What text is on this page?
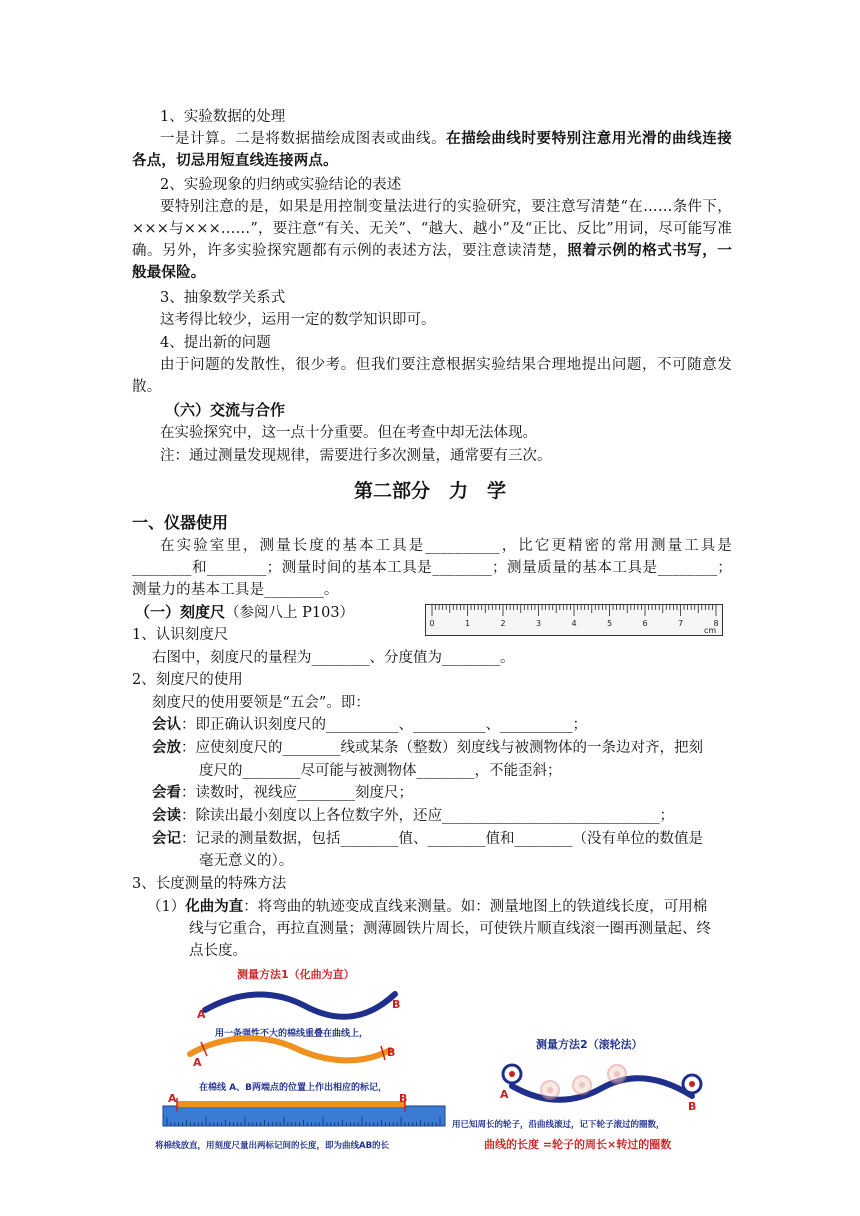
1、实验数据的处理
一是计算。二是将数据描绘成图表或曲线。在描绘曲线时要特别注意用光滑的曲线连接各点，切忌用短直线连接两点。
2、实验现象的归纳或实验结论的表述
要特别注意的是，如果是用控制变量法进行的实验研究，要注意写清楚“在……条件下，×××与×××……”，要注意“有关、无关”、“越大、越小”及“正比、反比”用词，尽可能写准确。另外，许多实验探究题都有示例的表述方法，要注意读清楚，照着示例的格式书写，一般最保险。
3、抽象数学关系式
这考得比较少，运用一定的数学知识即可。
4、提出新的问题
由于问题的发散性，很少考。但我们要注意根据实验结果合理地提出问题，不可随意发散。
（六）交流与合作
在实验探究中，这一点十分重要。但在考查中却无法体现。
注：通过测量发现规律，需要进行多次测量，通常要有三次。
第二部分　力　学
一、仪器使用
在实验室里，测量长度的基本工具是__________，比它更精密的常用测量工具是________和________；测量时间的基本工具是________；测量质量的基本工具是________；测量力的基本工具是________。
（一）刻度尺（参阅八上 P103）
0	1	2	3	4	5	6	7	8
cm
1、认识刻度尺
右图中，刻度尺的量程为________、分度值为________。
2、刻度尺的使用
刻度尺的使用要领是“五会”。即：
会认：即正确认识刻度尺的__________、__________、__________；
会放：应使刻度尺的________线或某条（整数）刻度线与被测物体的一条边对齐，把刻
度尺的________尽可能与被测物体________，不能歪斜；
会看：读数时，视线应________刻度尺；
会读：除读出最小刻度以上各位数字外，还应______________________________；
会记：记录的测量数据，包括________值、________值和________（没有单位的数值是
毫无意义的）。
3、长度测量的特殊方法
（1）化曲为直：将弯曲的轨迹变成直线来测量。如：测量地图上的铁道线长度，可用棉
线与它重合，再拉直测量；测薄圆铁片周长，可使铁片顺直线滚一圈再测量起、终
点长度。
测量方法1（化曲为直）
A
B
用一条弹性不大的棉线重叠在曲线上，
A
B
在棉线 A、B两端点的位置上作出相应的标记，
A	B
将棉线放直，用刻度尺量出两标记间的长度，即为曲线AB的长
测量方法2（滚轮法）
A
B
用已知周长的轮子，沿曲线滚过，记下轮子滚过的圈数，
曲线的长度 =轮子的周长×转过的圈数
